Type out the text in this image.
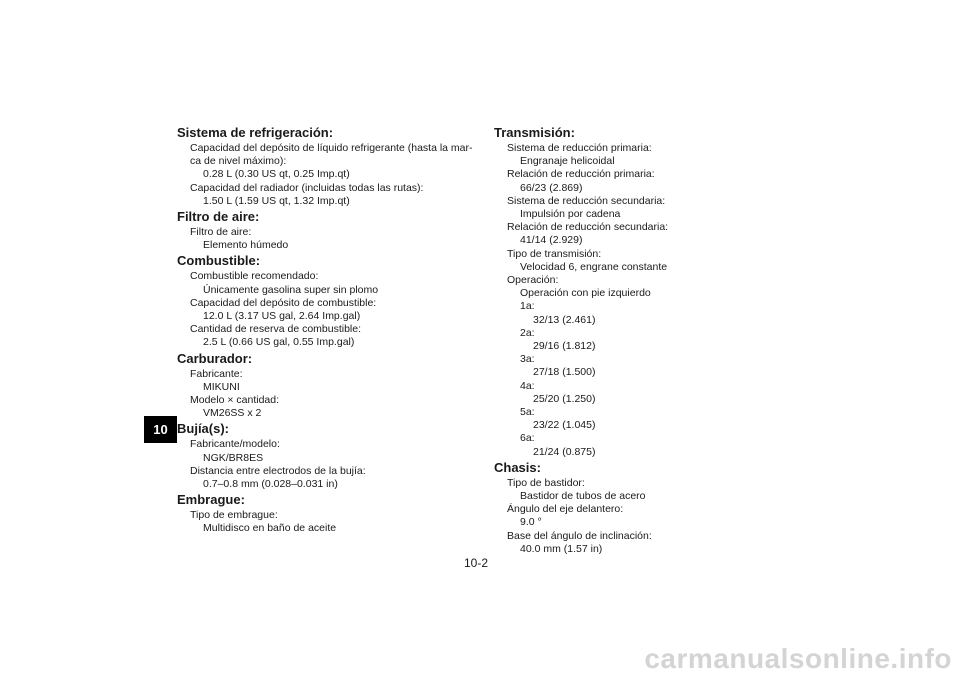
10

Sistema de refrigeración:

Capacidad del depósito de líquido refrigerante (hasta la mar-

ca de nivel máximo):

0.28 L (0.30 US qt, 0.25 Imp.qt)

Capacidad del radiador (incluidas todas las rutas):

1.50 L (1.59 US qt, 1.32 Imp.qt)

Filtro de aire:

Filtro de aire:

Elemento húmedo

Combustible:

Combustible recomendado:

Únicamente gasolina super sin plomo

Capacidad del depósito de combustible:

12.0 L (3.17 US gal, 2.64 Imp.gal)

Cantidad de reserva de combustible:

2.5 L (0.66 US gal, 0.55 Imp.gal)

Carburador:

Fabricante:

MIKUNI

Modelo × cantidad:

VM26SS x 2

Bujía(s):

Fabricante/modelo:

NGK/BR8ES

Distancia entre electrodos de la bujía:

0.7–0.8 mm (0.028–0.031 in)

Embrague:

Tipo de embrague:

Multidisco en baño de aceite

Transmisión:

Sistema de reducción primaria:

Engranaje helicoidal

Relación de reducción primaria:

66/23 (2.869)

Sistema de reducción secundaria:

Impulsión por cadena

Relación de reducción secundaria:

41/14 (2.929)

Tipo de transmisión:

Velocidad 6, engrane constante

Operación:

Operación con pie izquierdo

1a:

32/13 (2.461)

2a:

29/16 (1.812)

3a:

27/18 (1.500)

4a:

25/20 (1.250)

5a:

23/22 (1.045)

6a:

21/24 (0.875)

Chasis:

Tipo de bastidor:

Bastidor de tubos de acero

Ángulo del eje delantero:

9.0 °

Base del ángulo de inclinación:

40.0 mm (1.57 in)

10-2
carmanualsonline.info
